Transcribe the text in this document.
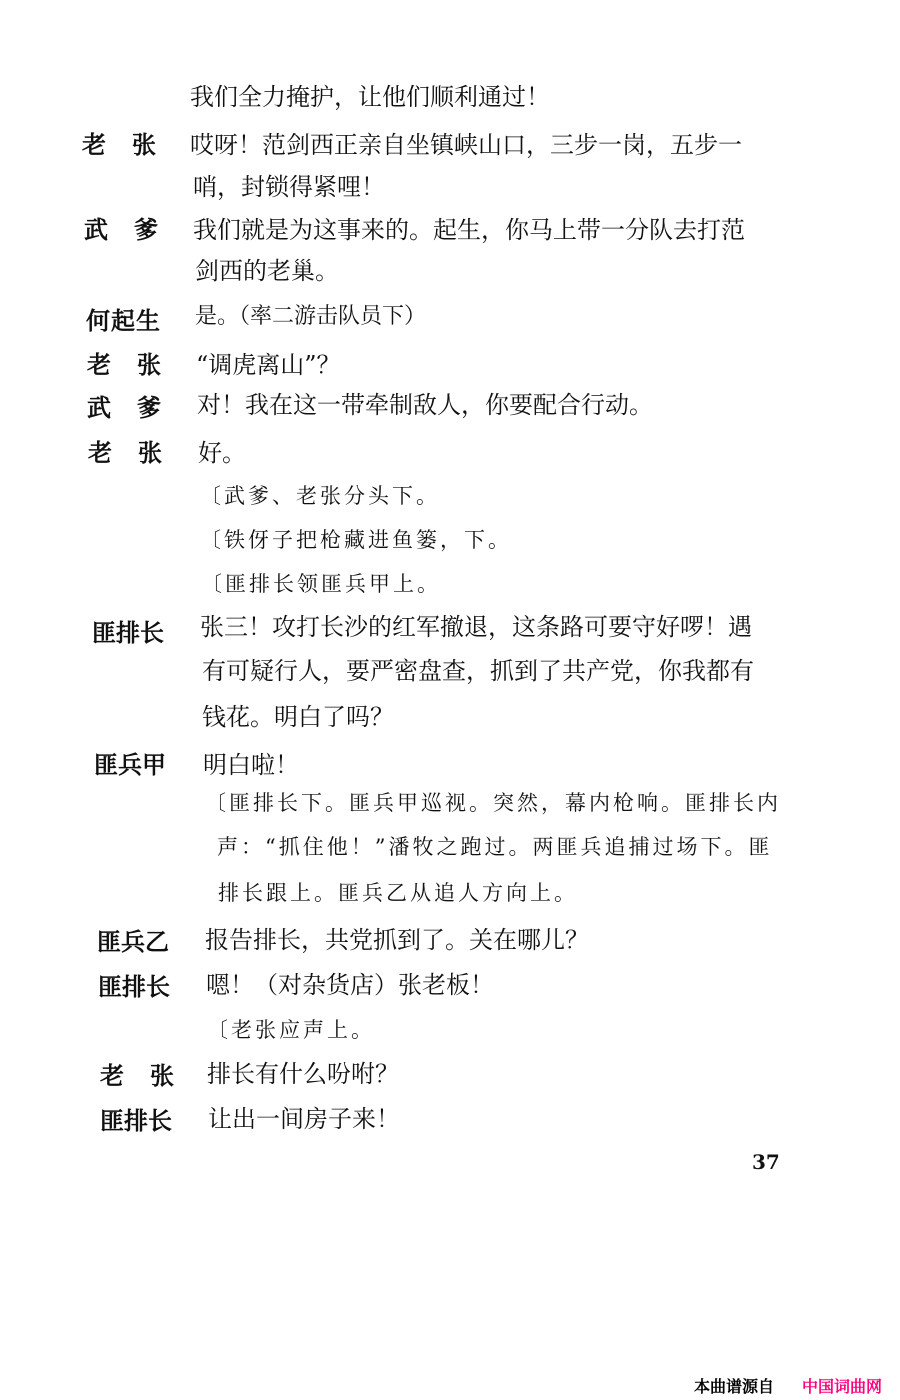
我们全力掩护，让他们顺利通过！
老张 哎呀！范剑西正亲自坐镇峡山口，三步一岗，五步一
哨，封锁得紧哩！
武爹 我们就是为这事来的。起生，你马上带一分队去打范
剑西的老巢。
何起生 是。（率二游击队员下）
老张 “调虎离山”？
武爹 对！我在这一带牵制敌人，你要配合行动。
老张 好。
〔武爹、老张分头下。
〔铁伢子把枪藏进鱼篓，下。
〔匪排长领匪兵甲上。
匪排长 张三！攻打长沙的红军撤退，这条路可要守好啰！遇
有可疑行人，要严密盘查，抓到了共产党，你我都有
钱花。明白了吗？
匪兵甲 明白啦！
〔匪排长下。匪兵甲巡视。突然，幕内枪响。匪排长内
声：“抓住他！”潘牧之跑过。两匪兵追捕过场下。匪
排长跟上。匪兵乙从追人方向上。
匪兵乙 报告排长，共党抓到了。关在哪儿？
匪排长 嗯！（对杂货店）张老板！
〔老张应声上。
老张 排长有什么吩咐？
匪排长 让出一间房子来！
37
本曲谱源自 中国词曲网
